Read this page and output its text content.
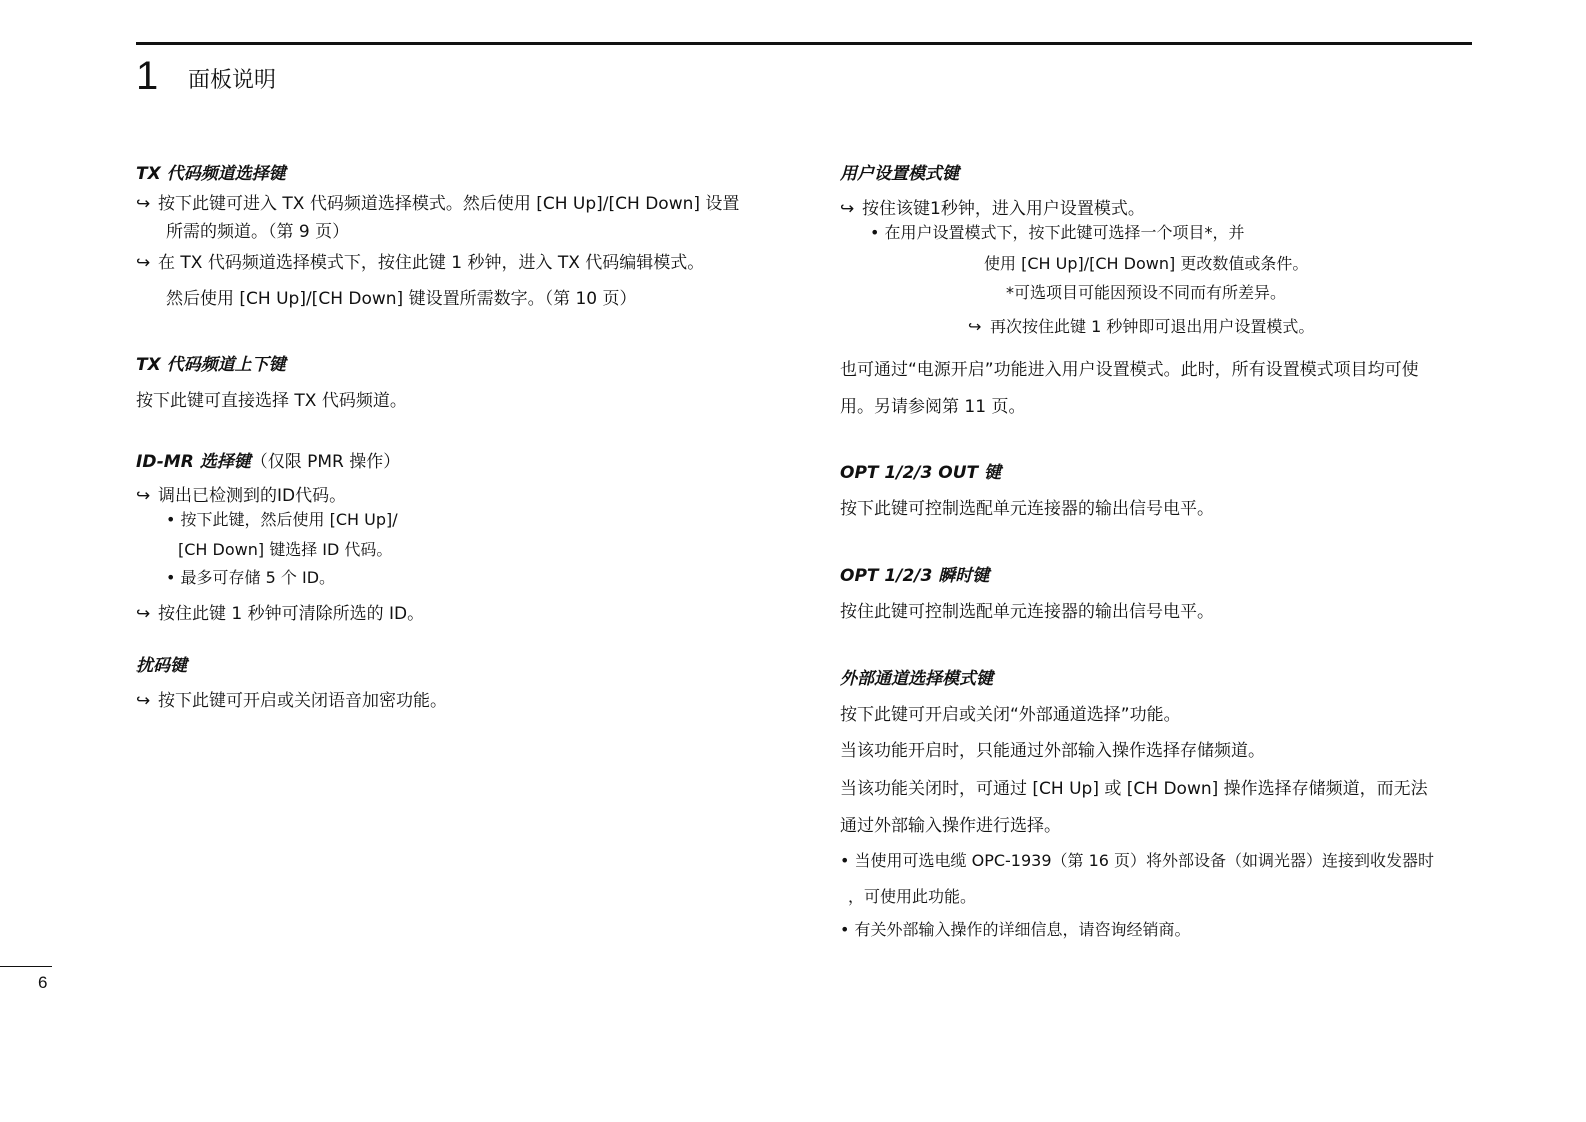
1 面板说明
TX 代码频道选择键
↪ 按下此键可进入 TX 代码频道选择模式。然后使用 [CH Up]/[CH Down] 设置
所需的频道。（第 9 页）
↪ 在 TX 代码频道选择模式下，按住此键 1 秒钟，进入 TX 代码编辑模式。
然后使用 [CH Up]/[CH Down] 键设置所需数字。（第 10 页）
TX 代码频道上下键
按下此键可直接选择 TX 代码频道。
ID-MR 选择键（仅限 PMR 操作）
↪ 调出已检测到的ID代码。
• 按下此键，然后使用 [CH Up]/
[CH Down] 键选择 ID 代码。
• 最多可存储 5 个 ID。
↪ 按住此键 1 秒钟可清除所选的 ID。
扰码键
↪ 按下此键可开启或关闭语音加密功能。
用户设置模式键
↪ 按住该键1秒钟，进入用户设置模式。
• 在用户设置模式下，按下此键可选择一个项目*，并
使用 [CH Up]/[CH Down] 更改数值或条件。
*可选项目可能因预设不同而有所差异。
↪ 再次按住此键 1 秒钟即可退出用户设置模式。
也可通过“电源开启”功能进入用户设置模式。此时，所有设置模式项目均可使
用。另请参阅第 11 页。
OPT 1/2/3 OUT 键
按下此键可控制选配单元连接器的输出信号电平。
OPT 1/2/3 瞬时键
按住此键可控制选配单元连接器的输出信号电平。
外部通道选择模式键
按下此键可开启或关闭“外部通道选择”功能。
当该功能开启时，只能通过外部输入操作选择存储频道。
当该功能关闭时，可通过 [CH Up] 或 [CH Down] 操作选择存储频道，而无法
通过外部输入操作进行选择。
• 当使用可选电缆 OPC-1939（第 16 页）将外部设备（如调光器）连接到收发器时
，可使用此功能。
• 有关外部输入操作的详细信息，请咨询经销商。
6
